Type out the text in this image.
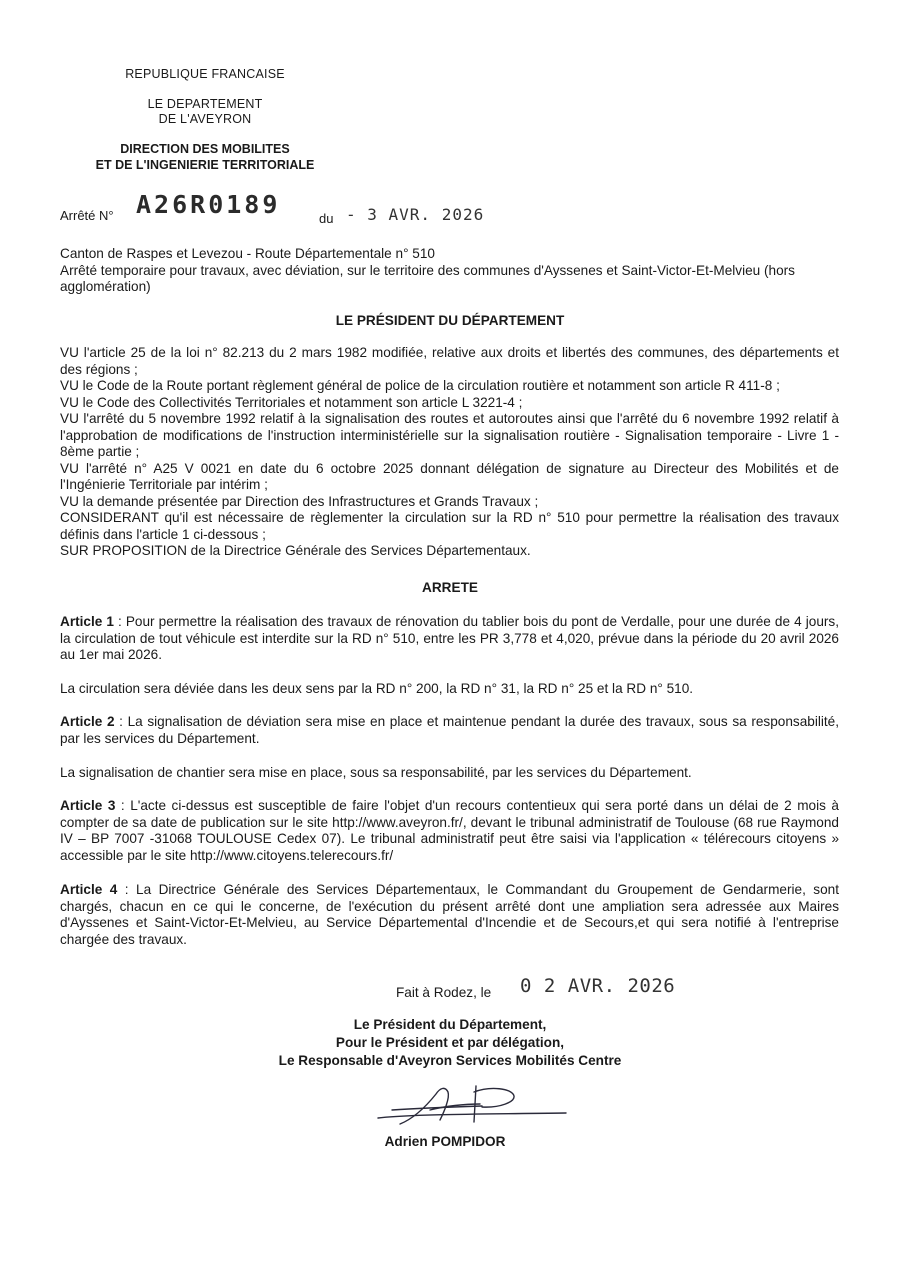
REPUBLIQUE FRANCAISE
LE DEPARTEMENT
DE L'AVEYRON
DIRECTION DES MOBILITES
ET DE L'INGENIERIE TERRITORIALE
Arrêté N° A26R0189	du - 3 AVR. 2026
Canton de Raspes et Levezou - Route Départementale n° 510
Arrêté temporaire pour travaux, avec déviation, sur le territoire des communes d'Ayssenes et Saint-Victor-Et-Melvieu (hors
agglomération)
LE PRÉSIDENT DU DÉPARTEMENT
VU l'article 25 de la loi n° 82.213 du 2 mars 1982 modifiée, relative aux droits et libertés des communes, des départements et des régions ;
VU le Code de la Route portant règlement général de police de la circulation routière et notamment son article R 411-8 ;
VU le Code des Collectivités Territoriales et notamment son article L 3221-4 ;
VU l'arrêté du 5 novembre 1992 relatif à la signalisation des routes et autoroutes ainsi que l'arrêté du 6 novembre 1992 relatif à l'approbation de modifications de l'instruction interministérielle sur la signalisation routière - Signalisation temporaire - Livre 1 - 8ème partie ;
VU l'arrêté n° A25 V 0021 en date du 6 octobre 2025 donnant délégation de signature au Directeur des Mobilités et de l'Ingénierie Territoriale par intérim ;
VU la demande présentée par Direction des Infrastructures et Grands Travaux ;
CONSIDERANT qu'il est nécessaire de règlementer la circulation sur la RD n° 510 pour permettre la réalisation des travaux définis dans l'article 1 ci-dessous ;
SUR PROPOSITION de la Directrice Générale des Services Départementaux.
ARRETE
Article 1 : Pour permettre la réalisation des travaux de rénovation du tablier bois du pont de Verdalle, pour une durée de 4 jours, la circulation de tout véhicule est interdite sur la RD n° 510, entre les PR 3,778 et 4,020, prévue dans la période du 20 avril 2026 au 1er mai 2026.
La circulation sera déviée dans les deux sens par la RD n° 200, la RD n° 31, la RD n° 25 et la RD n° 510.
Article 2 : La signalisation de déviation sera mise en place et maintenue pendant la durée des travaux, sous sa responsabilité, par les services du Département.
La signalisation de chantier sera mise en place, sous sa responsabilité, par les services du Département.
Article 3 : L'acte ci-dessus est susceptible de faire l'objet d'un recours contentieux qui sera porté dans un délai de 2 mois à compter de sa date de publication sur le site http://www.aveyron.fr/, devant le tribunal administratif de Toulouse (68 rue Raymond IV – BP 7007 -31068 TOULOUSE Cedex 07). Le tribunal administratif peut être saisi via l'application « télérecours citoyens » accessible par le site http://www.citoyens.telerecours.fr/
Article 4 : La Directrice Générale des Services Départementaux, le Commandant du Groupement de Gendarmerie, sont chargés, chacun en ce qui le concerne, de l'exécution du présent arrêté dont une ampliation sera adressée aux Maires d'Ayssenes et Saint-Victor-Et-Melvieu, au Service Départemental d'Incendie et de Secours,et qui sera notifié à l'entreprise chargée des travaux.
Fait à Rodez, le 0 2 AVR. 2026
Le Président du Département,
Pour le Président et par délégation,
Le Responsable d'Aveyron Services Mobilités Centre
Adrien POMPIDOR
